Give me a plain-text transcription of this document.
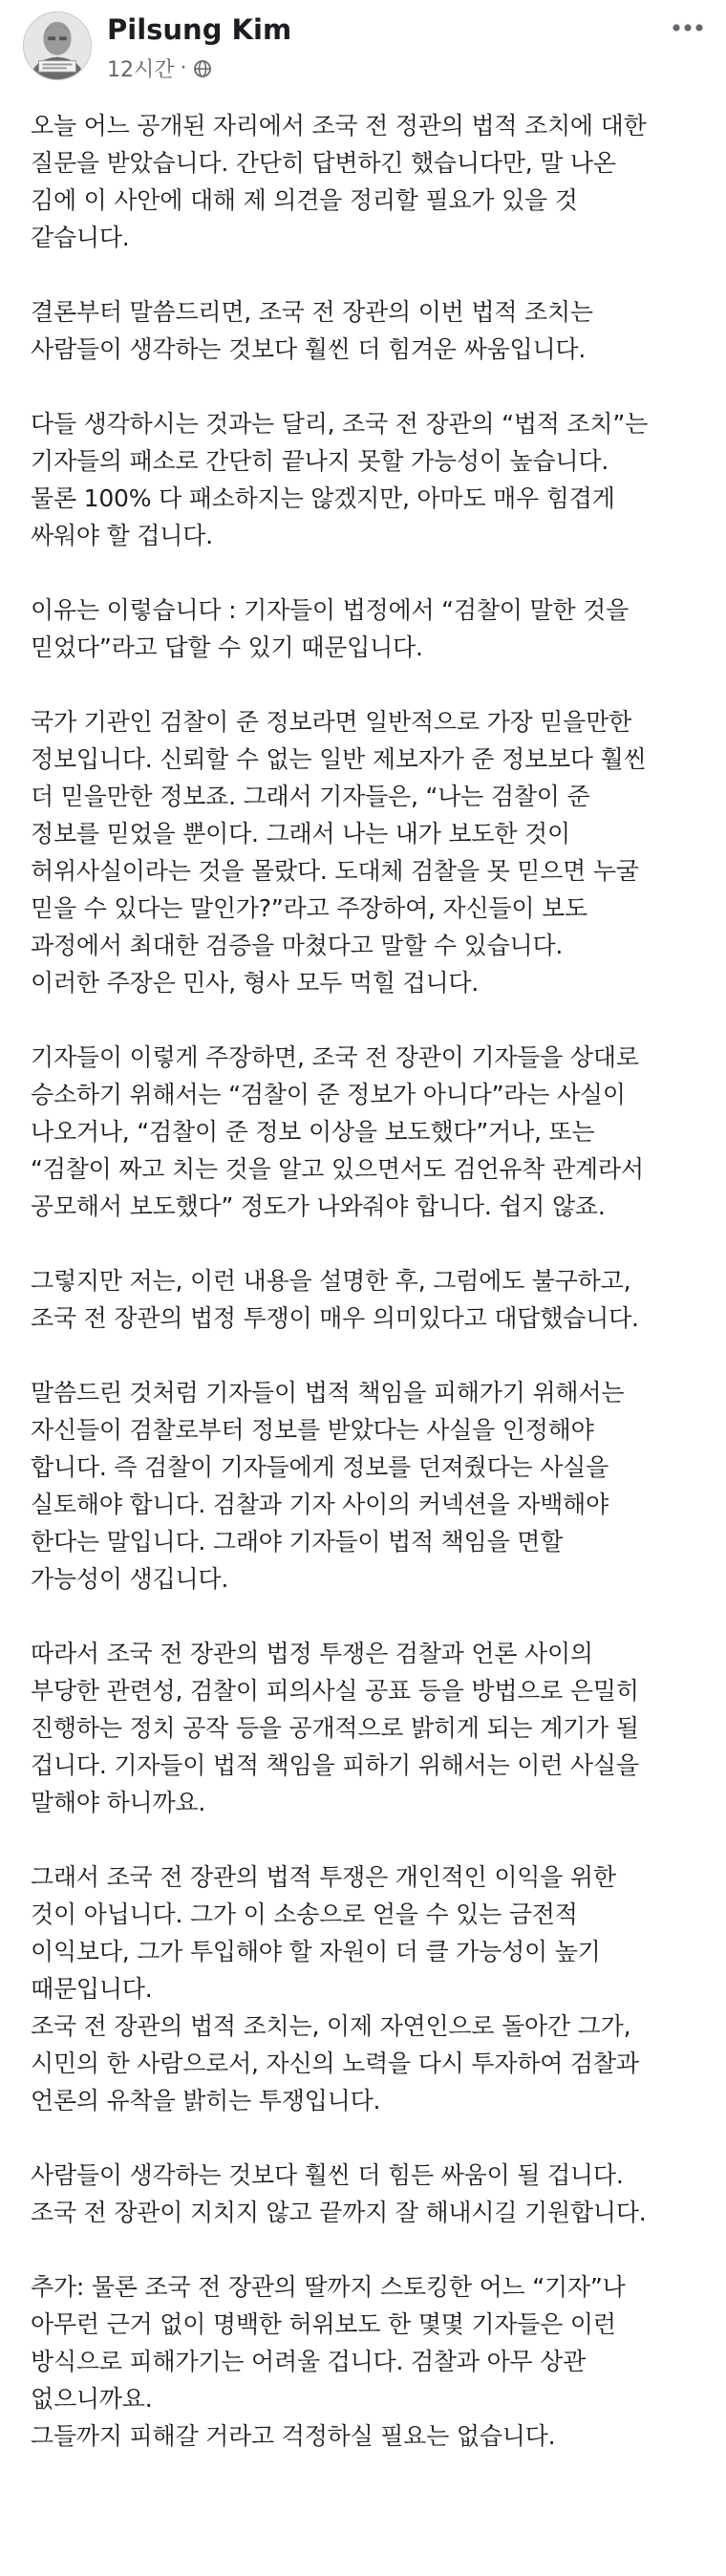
Pilsung Kim
12시간 ·

오늘 어느 공개된 자리에서 조국 전 정관의 법적 조치에 대한
질문을 받았습니다. 간단히 답변하긴 했습니다만, 말 나온
김에 이 사안에 대해 제 의견을 정리할 필요가 있을 것
같습니다.

결론부터 말씀드리면, 조국 전 장관의 이번 법적 조치는
사람들이 생각하는 것보다 훨씬 더 힘겨운 싸움입니다.

다들 생각하시는 것과는 달리, 조국 전 장관의 “법적 조치”는
기자들의 패소로 간단히 끝나지 못할 가능성이 높습니다.
물론 100% 다 패소하지는 않겠지만, 아마도 매우 힘겹게
싸워야 할 겁니다.

이유는 이렇습니다 : 기자들이 법정에서 “검찰이 말한 것을
믿었다”라고 답할 수 있기 때문입니다.

국가 기관인 검찰이 준 정보라면 일반적으로 가장 믿을만한
정보입니다. 신뢰할 수 없는 일반 제보자가 준 정보보다 훨씬
더 믿을만한 정보죠. 그래서 기자들은, “나는 검찰이 준
정보를 믿었을 뿐이다. 그래서 나는 내가 보도한 것이
허위사실이라는 것을 몰랐다. 도대체 검찰을 못 믿으면 누굴
믿을 수 있다는 말인가?”라고 주장하여, 자신들이 보도
과정에서 최대한 검증을 마쳤다고 말할 수 있습니다.
이러한 주장은 민사, 형사 모두 먹힐 겁니다.

기자들이 이렇게 주장하면, 조국 전 장관이 기자들을 상대로
승소하기 위해서는 “검찰이 준 정보가 아니다”라는 사실이
나오거나, “검찰이 준 정보 이상을 보도했다”거나, 또는
“검찰이 짜고 치는 것을 알고 있으면서도 검언유착 관계라서
공모해서 보도했다” 정도가 나와줘야 합니다. 쉽지 않죠.

그렇지만 저는, 이런 내용을 설명한 후, 그럼에도 불구하고,
조국 전 장관의 법정 투쟁이 매우 의미있다고 대답했습니다.

말씀드린 것처럼 기자들이 법적 책임을 피해가기 위해서는
자신들이 검찰로부터 정보를 받았다는 사실을 인정해야
합니다. 즉 검찰이 기자들에게 정보를 던져줬다는 사실을
실토해야 합니다. 검찰과 기자 사이의 커넥션을 자백해야
한다는 말입니다. 그래야 기자들이 법적 책임을 면할
가능성이 생깁니다.

따라서 조국 전 장관의 법정 투쟁은 검찰과 언론 사이의
부당한 관련성, 검찰이 피의사실 공표 등을 방법으로 은밀히
진행하는 정치 공작 등을 공개적으로 밝히게 되는 계기가 될
겁니다. 기자들이 법적 책임을 피하기 위해서는 이런 사실을
말해야 하니까요.

그래서 조국 전 장관의 법적 투쟁은 개인적인 이익을 위한
것이 아닙니다. 그가 이 소송으로 얻을 수 있는 금전적
이익보다, 그가 투입해야 할 자원이 더 클 가능성이 높기
때문입니다.
조국 전 장관의 법적 조치는, 이제 자연인으로 돌아간 그가,
시민의 한 사람으로서, 자신의 노력을 다시 투자하여 검찰과
언론의 유착을 밝히는 투쟁입니다.

사람들이 생각하는 것보다 훨씬 더 힘든 싸움이 될 겁니다.
조국 전 장관이 지치지 않고 끝까지 잘 해내시길 기원합니다.

추가: 물론 조국 전 장관의 딸까지 스토킹한 어느 “기자”나
아무런 근거 없이 명백한 허위보도 한 몇몇 기자들은 이런
방식으로 피해가기는 어려울 겁니다. 검찰과 아무 상관
없으니까요.
그들까지 피해갈 거라고 걱정하실 필요는 없습니다.
